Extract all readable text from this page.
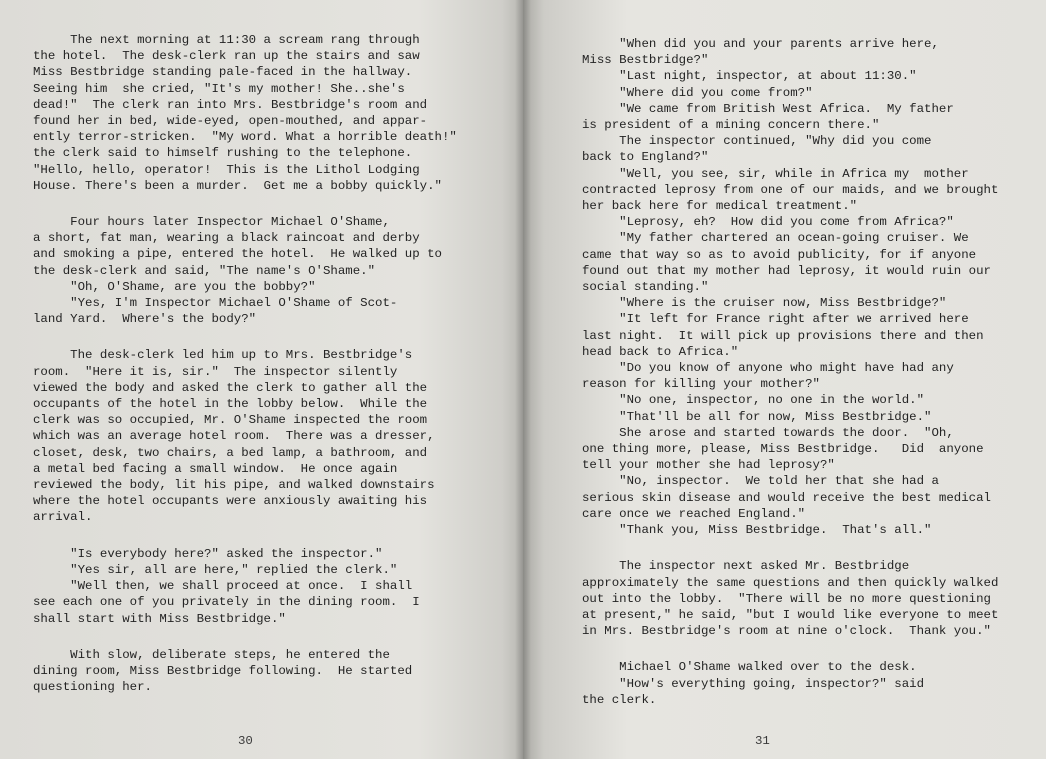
The next morning at 11:30 a scream rang through

the hotel.  The desk-clerk ran up the stairs and saw

Miss Bestbridge standing pale-faced in the hallway.

Seeing him  she cried, "It's my mother! She..she's

dead!"  The clerk ran into Mrs. Bestbridge's room and

found her in bed, wide-eyed, open-mouthed, and appar-

ently terror-stricken.  "My word. What a horrible death!"

the clerk said to himself rushing to the telephone.

"Hello, hello, operator!  This is the Lithol Lodging

House. There's been a murder.  Get me a bobby quickly."

Four hours later Inspector Michael O'Shame,

a short, fat man, wearing a black raincoat and derby

and smoking a pipe, entered the hotel.  He walked up to

the desk-clerk and said, "The name's O'Shame."

"Oh, O'Shame, are you the bobby?"

"Yes, I'm Inspector Michael O'Shame of Scot-

land Yard.  Where's the body?"

The desk-clerk led him up to Mrs. Bestbridge's

room.  "Here it is, sir."  The inspector silently

viewed the body and asked the clerk to gather all the

occupants of the hotel in the lobby below.  While the

clerk was so occupied, Mr. O'Shame inspected the room

which was an average hotel room.  There was a dresser,

closet, desk, two chairs, a bed lamp, a bathroom, and

a metal bed facing a small window.  He once again

reviewed the body, lit his pipe, and walked downstairs

where the hotel occupants were anxiously awaiting his

arrival.

"Is everybody here?" asked the inspector."

"Yes sir, all are here," replied the clerk."

"Well then, we shall proceed at once.  I shall

see each one of you privately in the dining room.  I

shall start with Miss Bestbridge."

With slow, deliberate steps, he entered the

dining room, Miss Bestbridge following.  He started

questioning her.

30

"When did you and your parents arrive here,

Miss Bestbridge?"

"Last night, inspector, at about 11:30."

"Where did you come from?"

"We came from British West Africa.  My father

is president of a mining concern there."

The inspector continued, "Why did you come

back to England?"

"Well, you see, sir, while in Africa my  mother

contracted leprosy from one of our maids, and we brought

her back here for medical treatment."

"Leprosy, eh?  How did you come from Africa?"

"My father chartered an ocean-going cruiser. We

came that way so as to avoid publicity, for if anyone

found out that my mother had leprosy, it would ruin our

social standing."

"Where is the cruiser now, Miss Bestbridge?"

"It left for France right after we arrived here

last night.  It will pick up provisions there and then

head back to Africa."

"Do you know of anyone who might have had any

reason for killing your mother?"

"No one, inspector, no one in the world."

"That'll be all for now, Miss Bestbridge."

She arose and started towards the door.  "Oh,

one thing more, please, Miss Bestbridge.   Did  anyone

tell your mother she had leprosy?"

"No, inspector.  We told her that she had a

serious skin disease and would receive the best medical

care once we reached England."

"Thank you, Miss Bestbridge.  That's all."

The inspector next asked Mr. Bestbridge

approximately the same questions and then quickly walked

out into the lobby.  "There will be no more questioning

at present," he said, "but I would like everyone to meet

in Mrs. Bestbridge's room at nine o'clock.  Thank you."

Michael O'Shame walked over to the desk.

"How's everything going, inspector?" said

the clerk.

31
